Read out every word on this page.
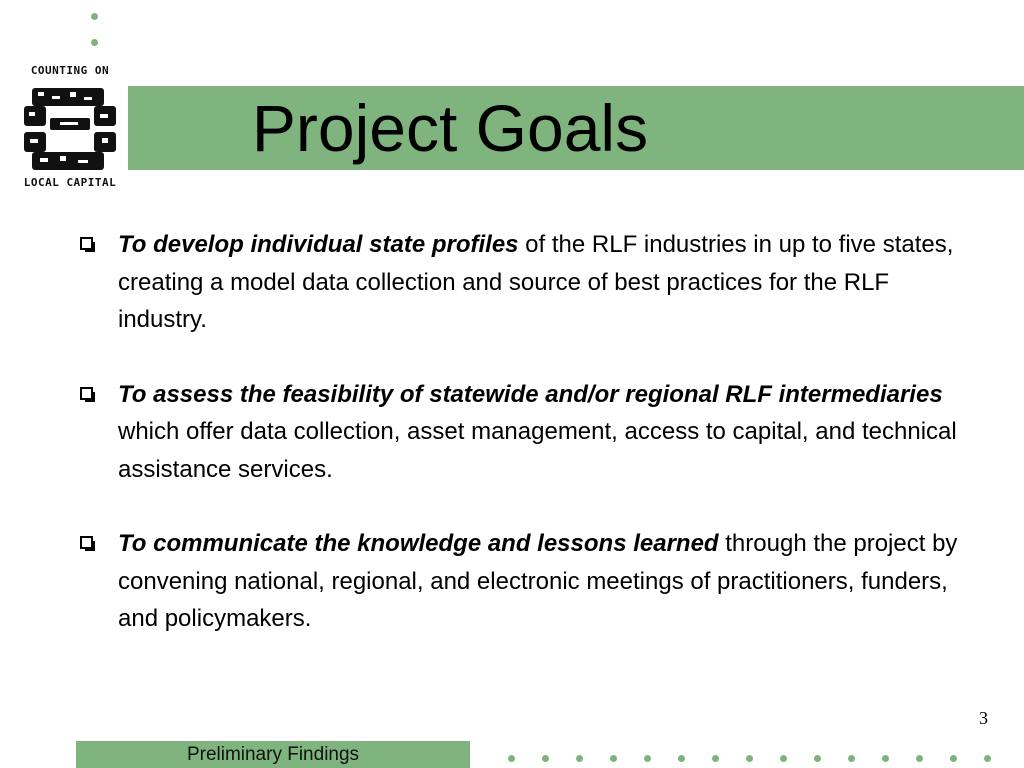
Project Goals
COUNTING ON
LOCAL CAPITAL
To develop individual state profiles of the RLF industries in up to five states, creating a model data collection and source of best practices for the RLF industry.
To assess the feasibility of statewide and/or regional RLF intermediaries which offer data collection, asset management, access to capital, and technical assistance services.
To communicate the knowledge and lessons learned through the project by convening national, regional, and electronic meetings of practitioners, funders, and policymakers.
3
Preliminary Findings
